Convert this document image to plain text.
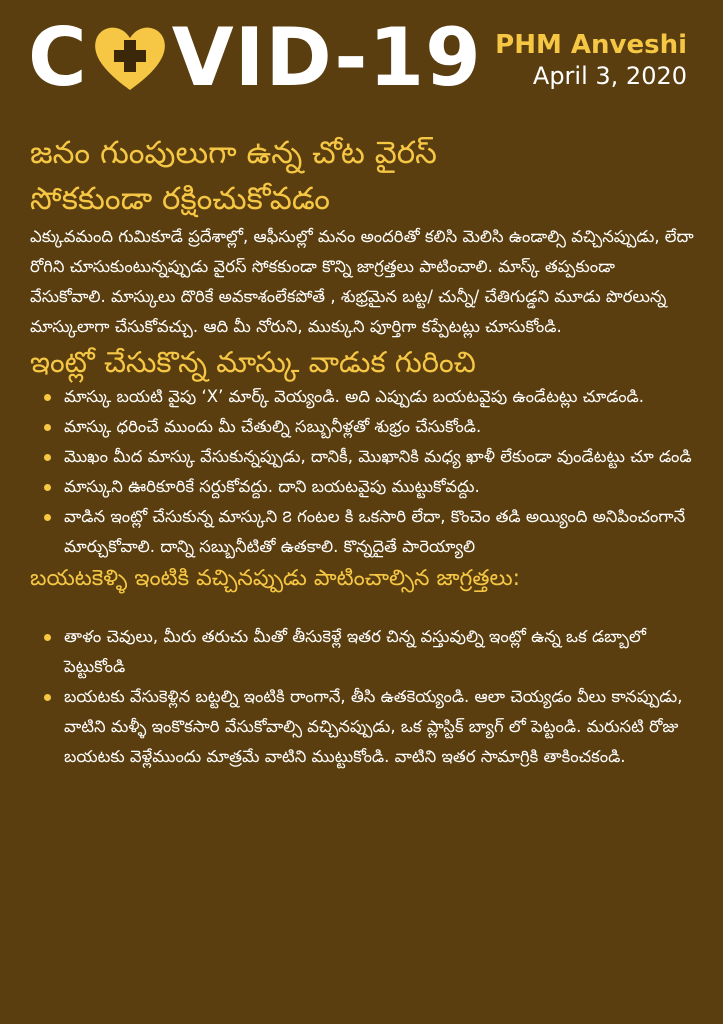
C VID-19 PHM Anveshi
April 3, 2020
జనం గుంపులుగా ఉన్న చోట వైరస్
సోకకుండా రక్షించుకోవడం

ఎక్కువమంది గుమికూడే ప్రదేశాల్లో, ఆఫీసుల్లో మనం అందరితో కలిసి మెలిసి ఉండాల్సి వచ్చినప్పుడు, లేదా రోగిని చూసుకుంటున్నప్పుడు వైరస్ సోకకుండా కొన్ని జాగ్రత్తలు పాటించాలి. మాస్క్ తప్పకుండా వేసుకోవాలి. మాస్కులు దొరికే అవకాశంలేకపోతే , శుభ్రమైన బట్ట/ చున్నీ/ చేతిగుడ్డని మూడు పొరలున్న మాస్కులాగా చేసుకోవచ్చు. ఆది మీ నోరుని, ముక్కుని పూర్తిగా కప్పేటట్లు చూసుకోండి.

ఇంట్లో చేసుకొన్న మాస్కు వాడుక గురించి
మాస్కు బయటి వైపు ‘X’ మార్క్ వెయ్యండి. అది ఎప్పుడు బయటవైపు ఉండేటట్లు చూడండి.
మాస్కు ధరించే ముందు మీ చేతుల్ని సబ్బునీళ్లతో శుభ్రం చేసుకోండి.
మొఖం మీద మాస్కు వేసుకున్నప్పుడు, దానికీ, మొఖానికి మధ్య ఖాళీ లేకుండా వుండేటట్టు చూ డండి
మాస్కుని ఊరికూరికే సర్దుకోవద్దు. దాని బయటవైపు ముట్టుకోవద్దు.
వాడిన ఇంట్లో చేసుకున్న మాస్కుని ౭ గంటల కి ఒకసారి లేదా, కొంచెం తడి అయ్యింది అనిపించంగానే మార్చుకోవాలి. దాన్ని సబ్బునీటితో ఉతకాలి. కొన్నదైతే పారెయ్యాలి
బయటకెళ్ళి ఇంటికి వచ్చినప్పుడు పాటించాల్సిన జాగ్రత్తలు:
తాళం చెవులు, మీరు తరుచు మీతో తీసుకెళ్లే ఇతర చిన్న వస్తువుల్ని ఇంట్లో ఉన్న ఒక డబ్బాలో పెట్టుకోండి
బయటకు వేసుకెళ్లిన బట్టల్ని ఇంటికి రాంగానే, తీసి ఉతకెయ్యండి. ఆలా చెయ్యడం వీలు కానప్పుడు, వాటిని మళ్ళీ ఇంకొకసారి వేసుకోవాల్సి వచ్చినప్పుడు, ఒక ప్లాస్టిక్ బ్యాగ్ లో పెట్టండి. మరుసటి రోజు బయటకు వెళ్లేముందు మాత్రమే వాటిని ముట్టుకోండి. వాటిని ఇతర సామాగ్రికి తాకించకండి.
